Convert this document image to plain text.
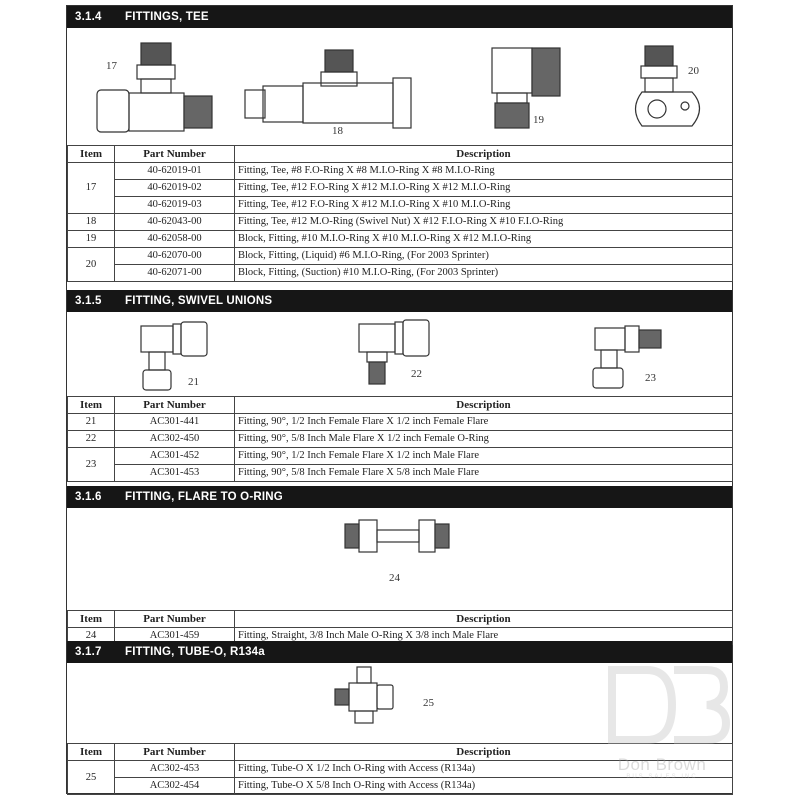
3.1.4 FITTINGS, TEE
17
18
19
20
Item	Part Number	Description
17	40-62019-01	Fitting, Tee, #8 F.O-Ring X #8 M.I.O-Ring X #8 M.I.O-Ring
	40-62019-02	Fitting, Tee, #12 F.O-Ring X #12 M.I.O-Ring X #12 M.I.O-Ring
	40-62019-03	Fitting, Tee, #12 F.O-Ring X #12 M.I.O-Ring X #10 M.I.O-Ring
18	40-62043-00	Fitting, Tee, #12 M.O-Ring (Swivel Nut) X #12 F.I.O-Ring X #10 F.I.O-Ring
19	40-62058-00	Block, Fitting, #10 M.I.O-Ring X #10 M.I.O-Ring X #12 M.I.O-Ring
20	40-62070-00	Block, Fitting, (Liquid) #6 M.I.O-Ring, (For 2003 Sprinter)
	40-62071-00	Block, Fitting, (Suction) #10 M.I.O-Ring, (For 2003 Sprinter)
3.1.5 FITTING, SWIVEL UNIONS
21
22	23
Item	Part Number	Description
21	AC301-441	Fitting, 90°, 1/2 Inch Female Flare X 1/2 inch Female Flare
22	AC302-450	Fitting, 90°, 5/8 Inch Male Flare X 1/2 inch Female O-Ring
23	AC301-452	Fitting, 90°, 1/2 Inch Female Flare X 1/2 inch Male Flare
	AC301-453	Fitting, 90°, 5/8 Inch Female Flare X 5/8 inch Male Flare
3.1.6 FITTING, FLARE TO O-RING
24
Item	Part Number	Description
24	AC301-459	Fitting, Straight, 3/8 Inch Male O-Ring X 3/8 inch Male Flare
3.1.7 FITTING, TUBE-O, R134a
25
Item	Part Number	Description
25	AC302-453	Fitting, Tube-O X 1/2 Inch O-Ring with Access (R134a)
	AC302-454	Fitting, Tube-O X 5/8 Inch O-Ring with Access (R134a)
Don Brown
BUS SALES INC
